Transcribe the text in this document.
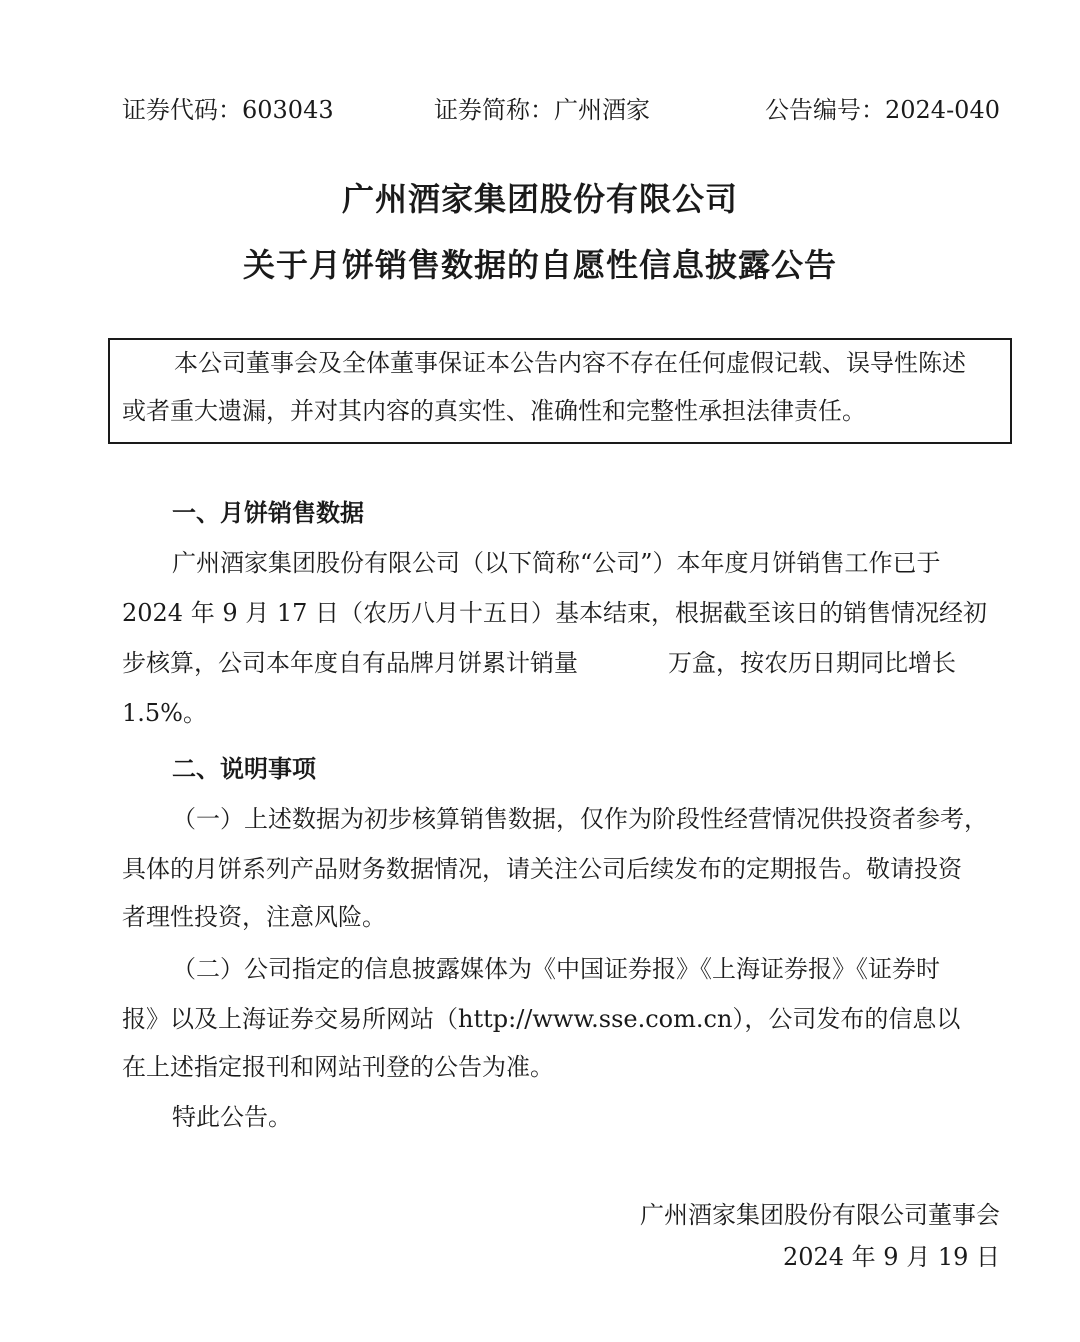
证券代码：603043	证券简称：广州酒家	公告编号：2024-040
广州酒家集团股份有限公司
关于月饼销售数据的自愿性信息披露公告
本公司董事会及全体董事保证本公告内容不存在任何虚假记载、误导性陈述
或者重大遗漏，并对其内容的真实性、准确性和完整性承担法律责任。
一、月饼销售数据
广州酒家集团股份有限公司（以下简称“公司”）本年度月饼销售工作已于
2024 年 9 月 17 日（农历八月十五日）基本结束，根据截至该日的销售情况经初
步核算，公司本年度自有品牌月饼累计销量	万盒，按农历日期同比增长
1.5%。
二、说明事项
（一）上述数据为初步核算销售数据，仅作为阶段性经营情况供投资者参考，
具体的月饼系列产品财务数据情况，请关注公司后续发布的定期报告。敬请投资
者理性投资，注意风险。
（二）公司指定的信息披露媒体为《中国证券报》《上海证券报》《证券时
报》以及上海证券交易所网站（http://www.sse.com.cn），公司发布的信息以
在上述指定报刊和网站刊登的公告为准。
特此公告。
广州酒家集团股份有限公司董事会
2024 年 9 月 19 日
